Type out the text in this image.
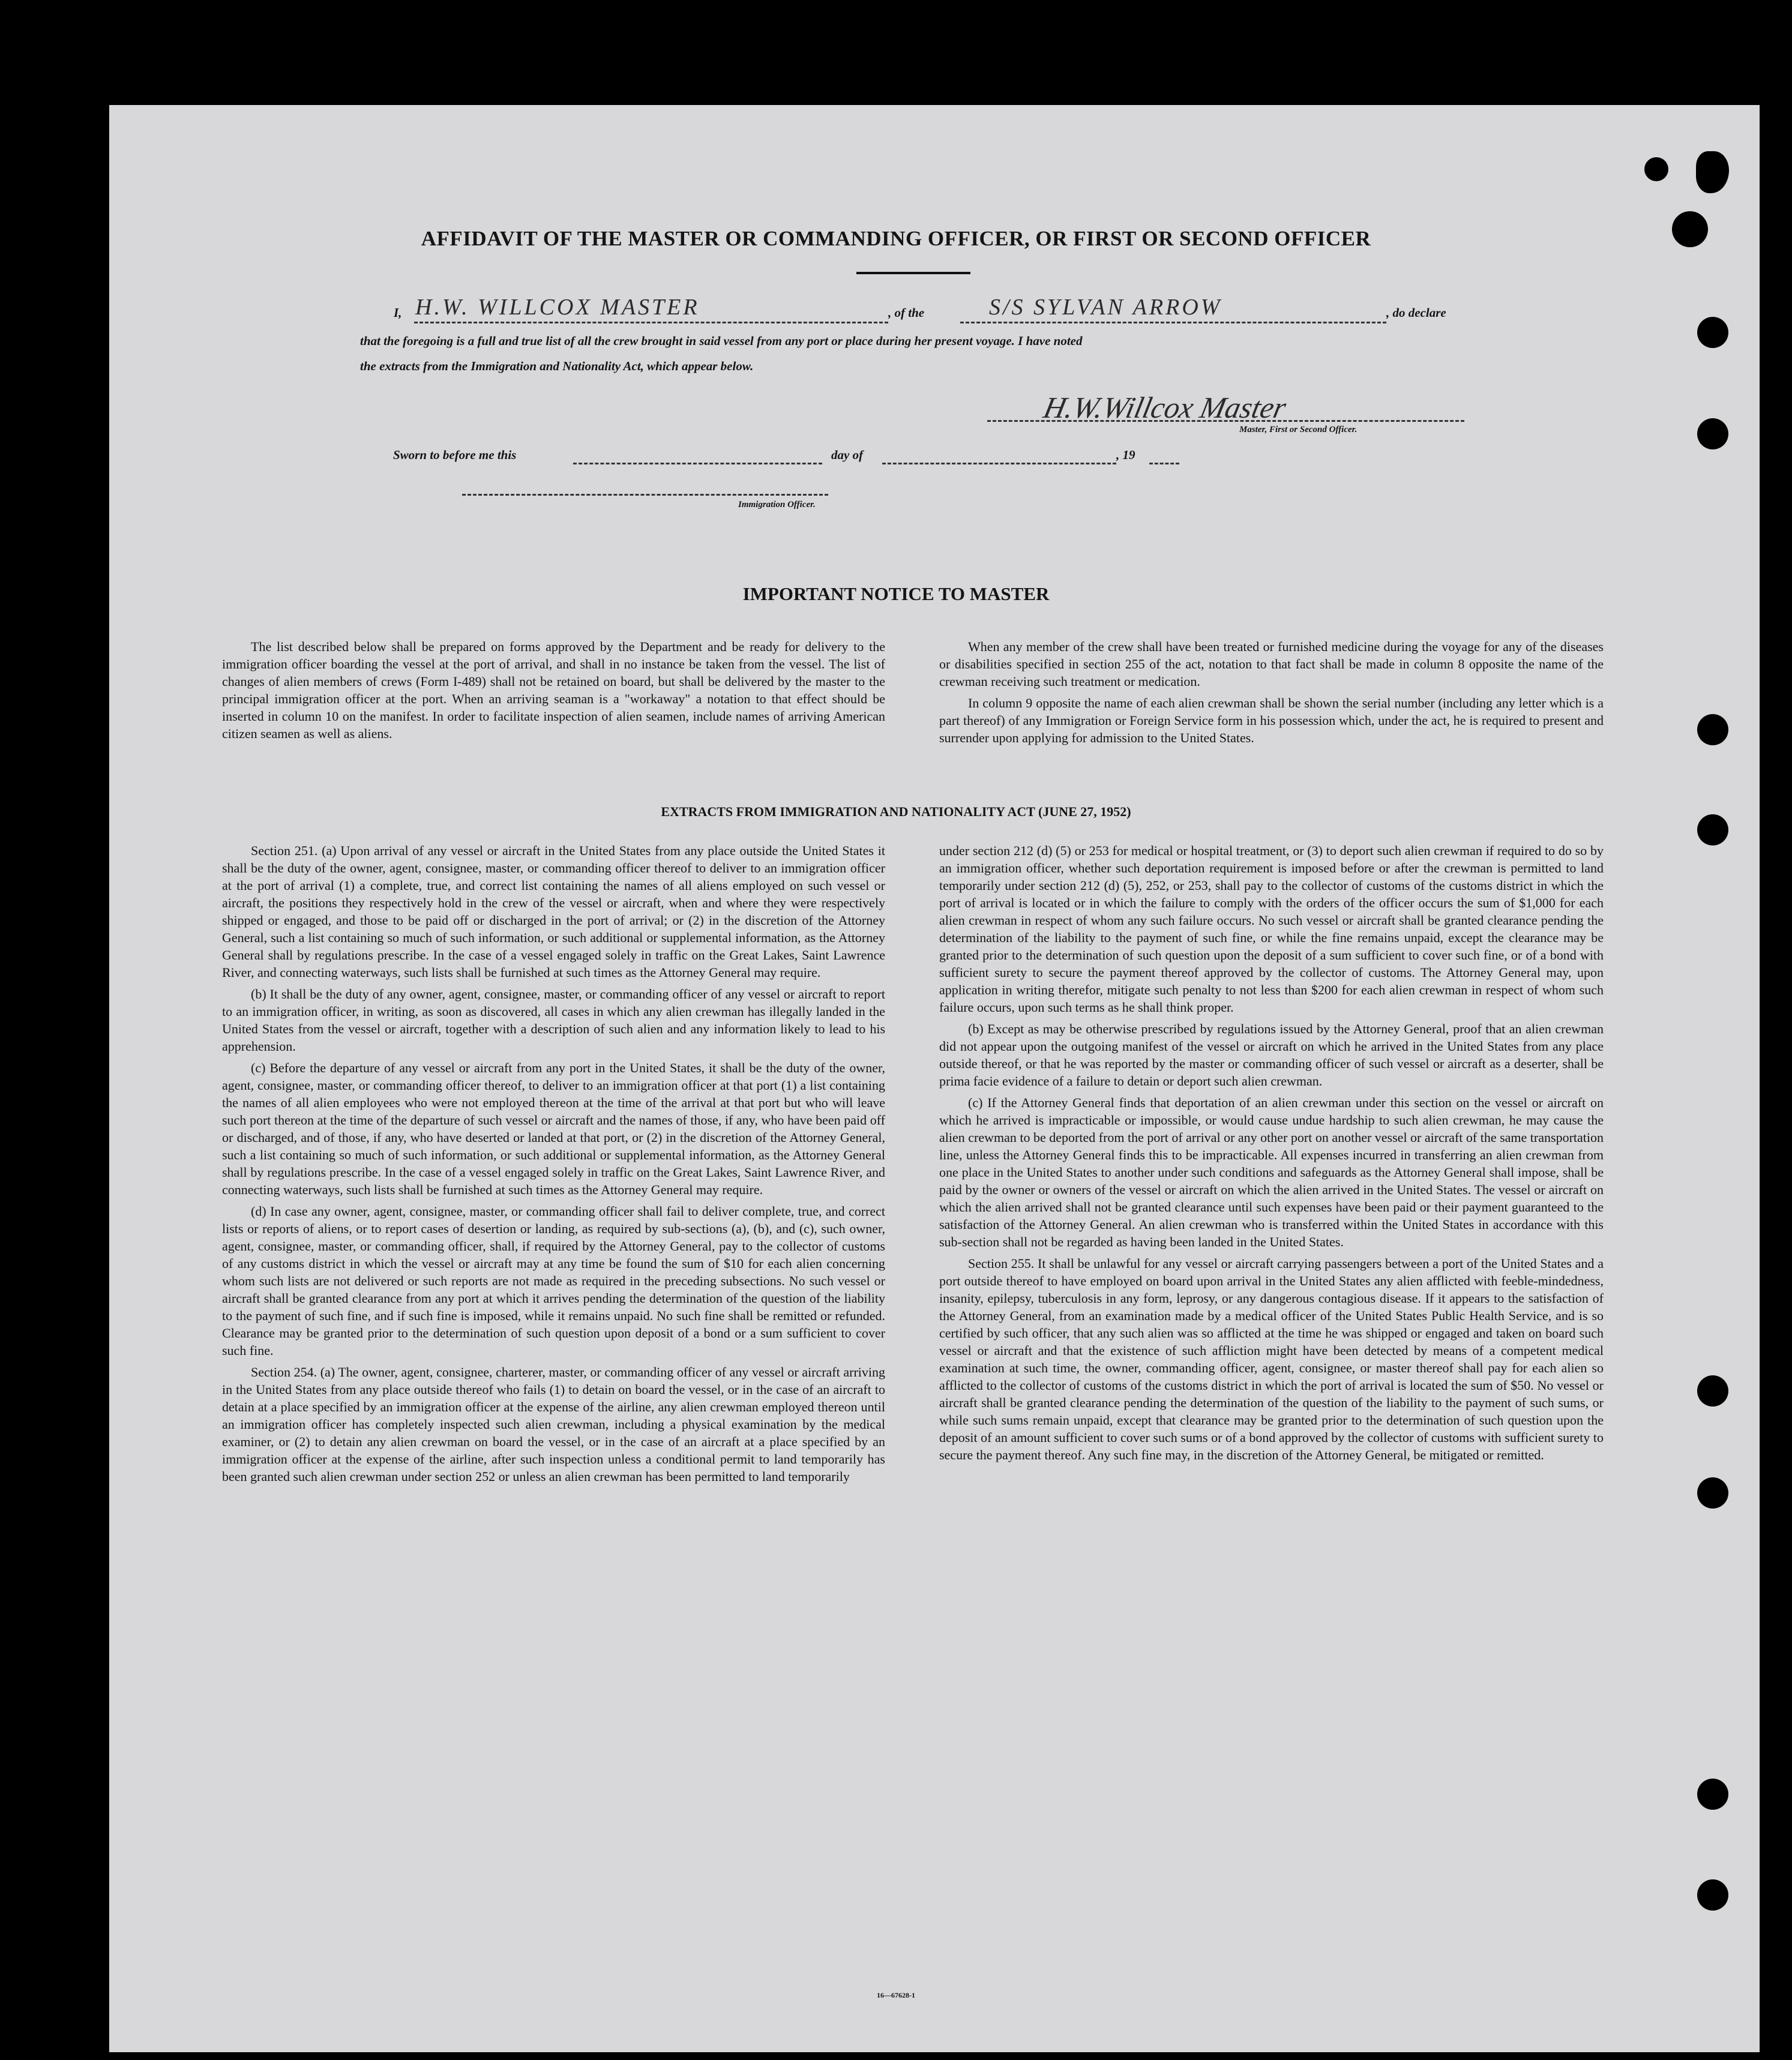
AFFIDAVIT OF THE MASTER OR COMMANDING OFFICER, OR FIRST OR SECOND OFFICER
I, H.W. WILLCOX MASTER	, of the	S/S SYLVAN ARROW	, do declare
that the foregoing is a full and true list of all the crew brought in said vessel from any port or place during her present voyage. I have noted
the extracts from the Immigration and Nationality Act, which appear below.
H.W.Willcox Master
Master, First or Second Officer.
Sworn to before me this	day of	, 19
Immigration Officer.
IMPORTANT NOTICE TO MASTER

The list described below shall be prepared on forms approved by the Department and be ready for delivery to the immigration officer boarding the vessel at the port of arrival, and shall in no instance be taken from the vessel. The list of changes of alien members of crews (Form I-489) shall not be retained on board, but shall be delivered by the master to the principal immigration officer at the port. When an arriving seaman is a "workaway" a notation to that effect should be inserted in column 10 on the manifest. In order to facilitate inspection of alien seamen, include names of arriving American citizen seamen as well as aliens.

When any member of the crew shall have been treated or furnished medicine during the voyage for any of the diseases or disabilities specified in section 255 of the act, notation to that fact shall be made in column 8 opposite the name of the crewman receiving such treatment or medication.

In column 9 opposite the name of each alien crewman shall be shown the serial number (including any letter which is a part thereof) of any Immigration or Foreign Service form in his possession which, under the act, he is required to present and surrender upon applying for admission to the United States.

EXTRACTS FROM IMMIGRATION AND NATIONALITY ACT (JUNE 27, 1952)

Section 251. (a) Upon arrival of any vessel or aircraft in the United States from any place outside the United States it shall be the duty of the owner, agent, consignee, master, or commanding officer thereof to deliver to an immigration officer at the port of arrival (1) a complete, true, and correct list containing the names of all aliens employed on such vessel or aircraft, the positions they respectively hold in the crew of the vessel or aircraft, when and where they were respectively shipped or engaged, and those to be paid off or discharged in the port of arrival; or (2) in the discretion of the Attorney General, such a list containing so much of such information, or such additional or supplemental information, as the Attorney General shall by regulations prescribe. In the case of a vessel engaged solely in traffic on the Great Lakes, Saint Lawrence River, and connecting waterways, such lists shall be furnished at such times as the Attorney General may require.

(b) It shall be the duty of any owner, agent, consignee, master, or commanding officer of any vessel or aircraft to report to an immigration officer, in writing, as soon as discovered, all cases in which any alien crewman has illegally landed in the United States from the vessel or aircraft, together with a description of such alien and any information likely to lead to his apprehension.

(c) Before the departure of any vessel or aircraft from any port in the United States, it shall be the duty of the owner, agent, consignee, master, or commanding officer thereof, to deliver to an immigration officer at that port (1) a list containing the names of all alien employees who were not employed thereon at the time of the arrival at that port but who will leave such port thereon at the time of the departure of such vessel or aircraft and the names of those, if any, who have been paid off or discharged, and of those, if any, who have deserted or landed at that port, or (2) in the discretion of the Attorney General, such a list containing so much of such information, or such additional or supplemental information, as the Attorney General shall by regulations prescribe. In the case of a vessel engaged solely in traffic on the Great Lakes, Saint Lawrence River, and connecting waterways, such lists shall be furnished at such times as the Attorney General may require.

(d) In case any owner, agent, consignee, master, or commanding officer shall fail to deliver complete, true, and correct lists or reports of aliens, or to report cases of desertion or landing, as required by sub-sections (a), (b), and (c), such owner, agent, consignee, master, or commanding officer, shall, if required by the Attorney General, pay to the collector of customs of any customs district in which the vessel or aircraft may at any time be found the sum of $10 for each alien concerning whom such lists are not delivered or such reports are not made as required in the preceding subsections. No such vessel or aircraft shall be granted clearance from any port at which it arrives pending the determination of the question of the liability to the payment of such fine, and if such fine is imposed, while it remains unpaid. No such fine shall be remitted or refunded. Clearance may be granted prior to the determination of such question upon deposit of a bond or a sum sufficient to cover such fine.

Section 254. (a) The owner, agent, consignee, charterer, master, or commanding officer of any vessel or aircraft arriving in the United States from any place outside thereof who fails (1) to detain on board the vessel, or in the case of an aircraft to detain at a place specified by an immigration officer at the expense of the airline, any alien crewman employed thereon until an immigration officer has completely inspected such alien crewman, including a physical examination by the medical examiner, or (2) to detain any alien crewman on board the vessel, or in the case of an aircraft at a place specified by an immigration officer at the expense of the airline, after such inspection unless a conditional permit to land temporarily has been granted such alien crewman under section 252 or unless an alien crewman has been permitted to land temporarily

under section 212 (d) (5) or 253 for medical or hospital treatment, or (3) to deport such alien crewman if required to do so by an immigration officer, whether such deportation requirement is imposed before or after the crewman is permitted to land temporarily under section 212 (d) (5), 252, or 253, shall pay to the collector of customs of the customs district in which the port of arrival is located or in which the failure to comply with the orders of the officer occurs the sum of $1,000 for each alien crewman in respect of whom any such failure occurs. No such vessel or aircraft shall be granted clearance pending the determination of the liability to the payment of such fine, or while the fine remains unpaid, except the clearance may be granted prior to the determination of such question upon the deposit of a sum sufficient to cover such fine, or of a bond with sufficient surety to secure the payment thereof approved by the collector of customs. The Attorney General may, upon application in writing therefor, mitigate such penalty to not less than $200 for each alien crewman in respect of whom such failure occurs, upon such terms as he shall think proper.

(b) Except as may be otherwise prescribed by regulations issued by the Attorney General, proof that an alien crewman did not appear upon the outgoing manifest of the vessel or aircraft on which he arrived in the United States from any place outside thereof, or that he was reported by the master or commanding officer of such vessel or aircraft as a deserter, shall be prima facie evidence of a failure to detain or deport such alien crewman.

(c) If the Attorney General finds that deportation of an alien crewman under this section on the vessel or aircraft on which he arrived is impracticable or impossible, or would cause undue hardship to such alien crewman, he may cause the alien crewman to be deported from the port of arrival or any other port on another vessel or aircraft of the same transportation line, unless the Attorney General finds this to be impracticable. All expenses incurred in transferring an alien crewman from one place in the United States to another under such conditions and safeguards as the Attorney General shall impose, shall be paid by the owner or owners of the vessel or aircraft on which the alien arrived in the United States. The vessel or aircraft on which the alien arrived shall not be granted clearance until such expenses have been paid or their payment guaranteed to the satisfaction of the Attorney General. An alien crewman who is transferred within the United States in accordance with this sub-section shall not be regarded as having been landed in the United States.

Section 255. It shall be unlawful for any vessel or aircraft carrying passengers between a port of the United States and a port outside thereof to have employed on board upon arrival in the United States any alien afflicted with feeble-mindedness, insanity, epilepsy, tuberculosis in any form, leprosy, or any dangerous contagious disease. If it appears to the satisfaction of the Attorney General, from an examination made by a medical officer of the United States Public Health Service, and is so certified by such officer, that any such alien was so afflicted at the time he was shipped or engaged and taken on board such vessel or aircraft and that the existence of such affliction might have been detected by means of a competent medical examination at such time, the owner, commanding officer, agent, consignee, or master thereof shall pay for each alien so afflicted to the collector of customs of the customs district in which the port of arrival is located the sum of $50. No vessel or aircraft shall be granted clearance pending the determination of the question of the liability to the payment of such sums, or while such sums remain unpaid, except that clearance may be granted prior to the determination of such question upon the deposit of an amount sufficient to cover such sums or of a bond approved by the collector of customs with sufficient surety to secure the payment thereof. Any such fine may, in the discretion of the Attorney General, be mitigated or remitted.

16—67628-1
